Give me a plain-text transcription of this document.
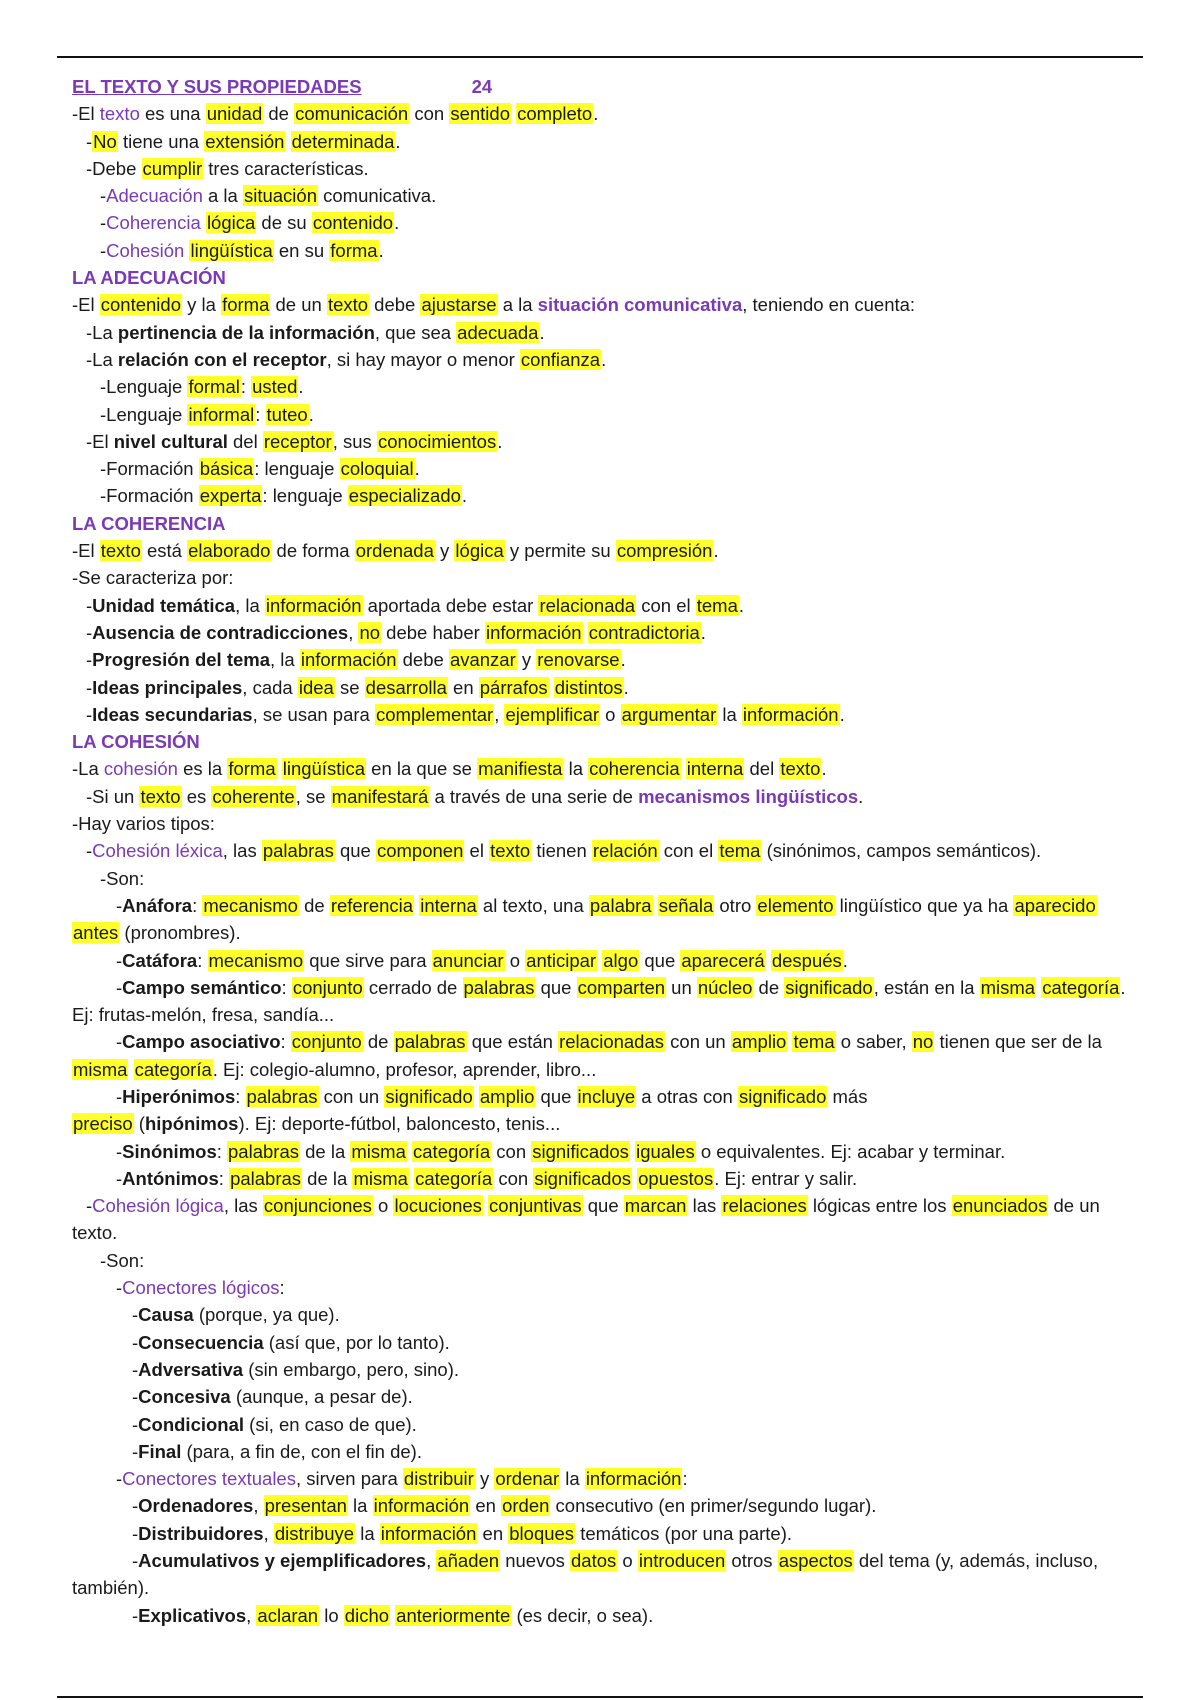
EL TEXTO Y SUS PROPIEDADES	24
-El texto es una unidad de comunicación con sentido completo.
-No tiene una extensión determinada.
-Debe cumplir tres características.
-Adecuación a la situación comunicativa.
-Coherencia lógica de su contenido.
-Cohesión lingüística en su forma.
LA ADECUACIÓN
-El contenido y la forma de un texto debe ajustarse a la situación comunicativa, teniendo en cuenta:
-La pertinencia de la información, que sea adecuada.
-La relación con el receptor, si hay mayor o menor confianza.
-Lenguaje formal: usted.
-Lenguaje informal: tuteo.
-El nivel cultural del receptor, sus conocimientos.
-Formación básica: lenguaje coloquial.
-Formación experta: lenguaje especializado.
LA COHERENCIA
-El texto está elaborado de forma ordenada y lógica y permite su compresión.
-Se caracteriza por:
-Unidad temática, la información aportada debe estar relacionada con el tema.
-Ausencia de contradicciones, no debe haber información contradictoria.
-Progresión del tema, la información debe avanzar y renovarse.
-Ideas principales, cada idea se desarrolla en párrafos distintos.
-Ideas secundarias, se usan para complementar, ejemplificar o argumentar la información.
LA COHESIÓN
-La cohesión es la forma lingüística en la que se manifiesta la coherencia interna del texto.
-Si un texto es coherente, se manifestará a través de una serie de mecanismos lingüísticos.
-Hay varios tipos:
-Cohesión léxica, las palabras que componen el texto tienen relación con el tema (sinónimos, campos semánticos).
-Son:
-Anáfora: mecanismo de referencia interna al texto, una palabra señala otro elemento lingüístico que ya ha aparecido antes (pronombres).
-Catáfora: mecanismo que sirve para anunciar o anticipar algo que aparecerá después.
-Campo semántico: conjunto cerrado de palabras que comparten un núcleo de significado, están en la misma categoría. Ej: frutas-melón, fresa, sandía...
-Campo asociativo: conjunto de palabras que están relacionadas con un amplio tema o saber, no tienen que ser de la misma categoría. Ej: colegio-alumno, profesor, aprender, libro...
-Hiperónimos: palabras con un significado amplio que incluye a otras con significado más
preciso (hipónimos). Ej: deporte-fútbol, baloncesto, tenis...
-Sinónimos: palabras de la misma categoría con significados iguales o equivalentes. Ej: acabar y terminar.
-Antónimos: palabras de la misma categoría con significados opuestos. Ej: entrar y salir.
-Cohesión lógica, las conjunciones o locuciones conjuntivas que marcan las relaciones lógicas entre los enunciados de un texto.
-Son:
-Conectores lógicos:
-Causa (porque, ya que).
-Consecuencia (así que, por lo tanto).
-Adversativa (sin embargo, pero, sino).
-Concesiva (aunque, a pesar de).
-Condicional (si, en caso de que).
-Final (para, a fin de, con el fin de).
-Conectores textuales, sirven para distribuir y ordenar la información:
-Ordenadores, presentan la información en orden consecutivo (en primer/segundo lugar).
-Distribuidores, distribuye la información en bloques temáticos (por una parte).
-Acumulativos y ejemplificadores, añaden nuevos datos o introducen otros aspectos del tema (y, además, incluso, también).
-Explicativos, aclaran lo dicho anteriormente (es decir, o sea).
